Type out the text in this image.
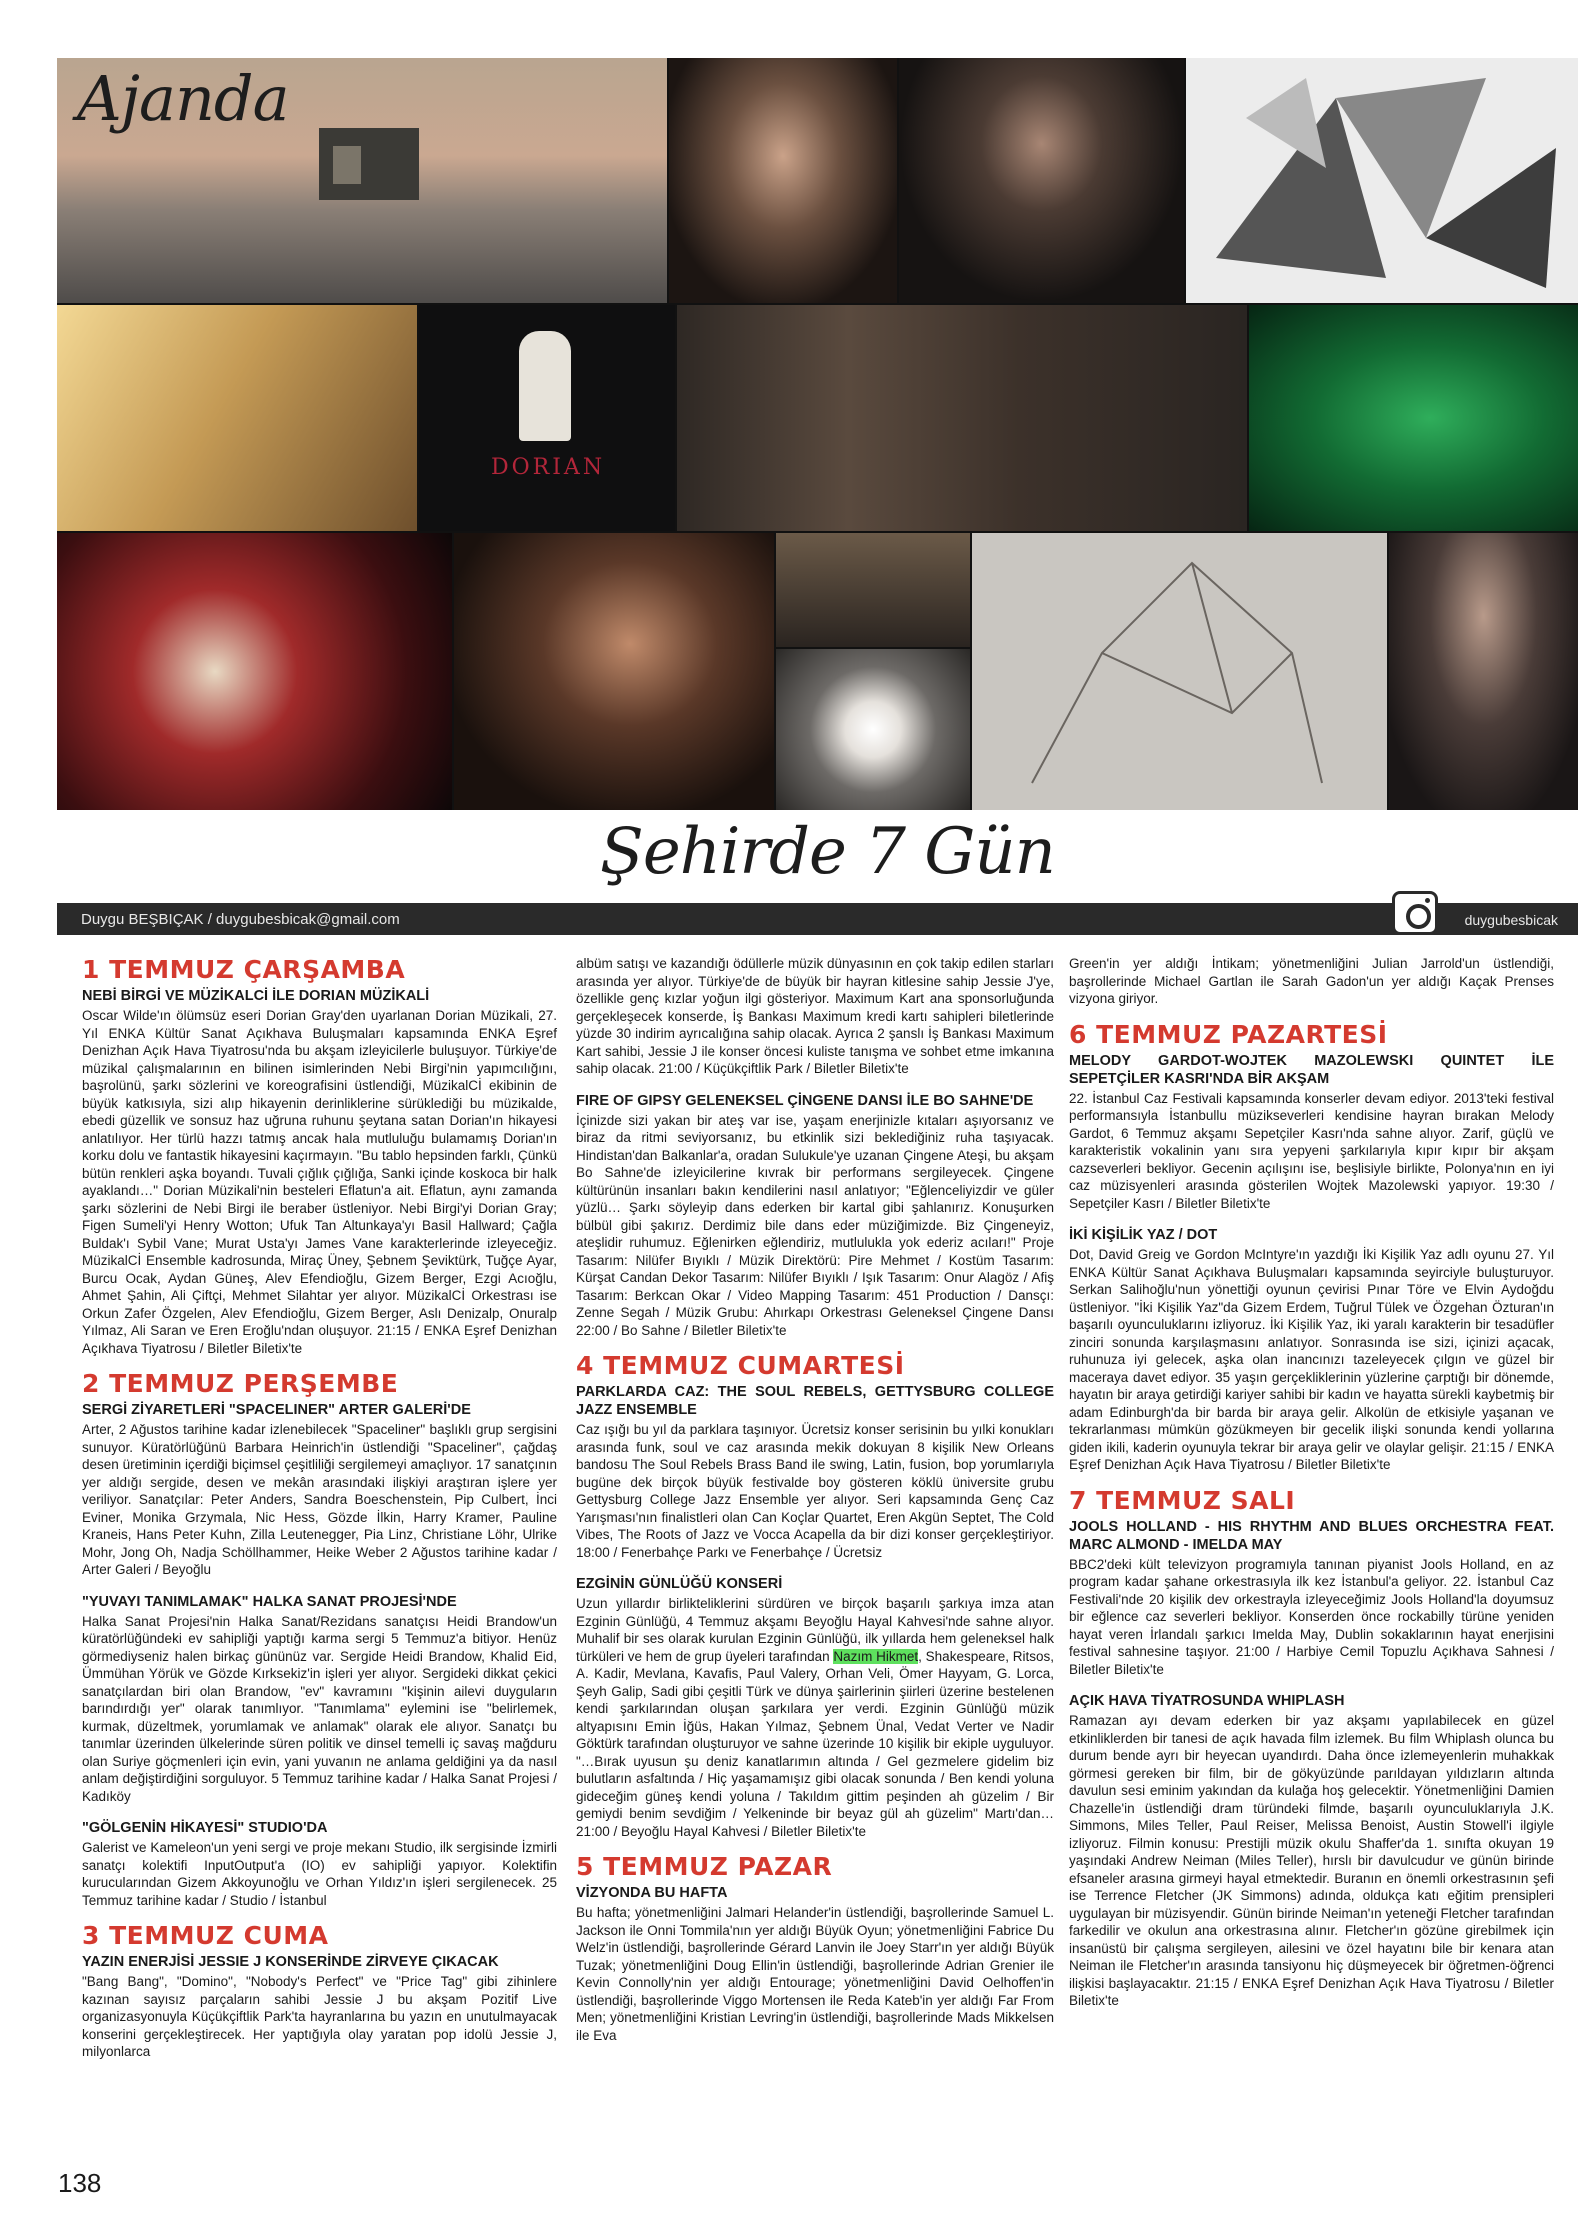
Ajanda
DORIAN
Şehirde 7 Gün
Duygu BEŞBIÇAK / duygubesbicak@gmail.com	duygubesbicak
1 TEMMUZ ÇARŞAMBA
NEBİ BİRGİ VE MÜZİKALCİ İLE DORIAN MÜZİKALİ

Oscar Wilde'ın ölümsüz eseri Dorian Gray'den uyarlanan Dorian Müzikali, 27. Yıl ENKA Kültür Sanat Açıkhava Buluşmaları kapsamında ENKA Eşref Denizhan Açık Hava Tiyatrosu'nda bu akşam izleyicilerle buluşuyor. Türkiye'de müzikal çalışmalarının en bilinen isimlerinden Nebi Birgi'nin yapımcılığını, başrolünü, şarkı sözlerini ve koreografisini üstlendiği, MüzikalCİ ekibinin de büyük katkısıyla, sizi alıp hikayenin derinliklerine sürüklediği bu müzikalde, ebedi güzellik ve sonsuz haz uğruna ruhunu şeytana satan Dorian'ın hikayesi anlatılıyor. Her türlü hazzı tatmış ancak hala mutluluğu bulamamış Dorian'ın korku dolu ve fantastik hikayesini kaçırmayın. "Bu tablo hepsinden farklı, Çünkü bütün renkleri aşka boyandı. Tuvali çığlık çığlığa, Sanki içinde koskoca bir halk ayaklandı…" Dorian Müzikali'nin besteleri Eflatun'a ait. Eflatun, aynı zamanda şarkı sözlerini de Nebi Birgi ile beraber üstleniyor. Nebi Birgi'yi Dorian Gray; Figen Sumeli'yi Henry Wotton; Ufuk Tan Altunkaya'yı Basil Hallward; Çağla Buldak'ı Sybil Vane; Murat Usta'yı James Vane karakterlerinde izleyeceğiz. MüzikalCİ Ensemble kadrosunda, Miraç Üney, Şebnem Şeviktürk, Tuğçe Ayar, Burcu Ocak, Aydan Güneş, Alev Efendioğlu, Gizem Berger, Ezgi Acıoğlu, Ahmet Şahin, Ali Çiftçi, Mehmet Silahtar yer alıyor. MüzikalCİ Orkestrası ise Orkun Zafer Özgelen, Alev Efendioğlu, Gizem Berger, Aslı Denizalp, Onuralp Yılmaz, Ali Saran ve Eren Eroğlu'ndan oluşuyor. 21:15 / ENKA Eşref Denizhan Açıkhava Tiyatrosu / Biletler Biletix'te

2 TEMMUZ PERŞEMBE
SERGİ ZİYARETLERİ "SPACELINER" ARTER GALERİ'DE

Arter, 2 Ağustos tarihine kadar izlenebilecek "Spaceliner" başlıklı grup sergisini sunuyor. Küratörlüğünü Barbara Heinrich'in üstlendiği "Spaceliner", çağdaş desen üretiminin içerdiği biçimsel çeşitliliği sergilemeyi amaçlıyor. 17 sanatçının yer aldığı sergide, desen ve mekân arasındaki ilişkiyi araştıran işlere yer veriliyor. Sanatçılar: Peter Anders, Sandra Boeschenstein, Pip Culbert, İnci Eviner, Monika Grzymala, Nic Hess, Gözde İlkin, Harry Kramer, Pauline Kraneis, Hans Peter Kuhn, Zilla Leutenegger, Pia Linz, Christiane Löhr, Ulrike Mohr, Jong Oh, Nadja Schöllhammer, Heike Weber 2 Ağustos tarihine kadar / Arter Galeri / Beyoğlu

"YUVAYI TANIMLAMAK" HALKA SANAT PROJESİ'NDE

Halka Sanat Projesi'nin Halka Sanat/Rezidans sanatçısı Heidi Brandow'un küratörlüğündeki ev sahipliği yaptığı karma sergi 5 Temmuz'a bitiyor. Henüz görmediyseniz halen birkaç gününüz var. Sergide Heidi Brandow, Khalid Eid, Ümmühan Yörük ve Gözde Kırksekiz'in işleri yer alıyor. Sergideki dikkat çekici sanatçılardan biri olan Brandow, "ev" kavramını "kişinin ailevi duyguların barındırdığı yer" olarak tanımlıyor. "Tanımlama" eylemini ise "belirlemek, kurmak, düzeltmek, yorumlamak ve anlamak" olarak ele alıyor. Sanatçı bu tanımlar üzerinden ülkelerinde süren politik ve dinsel temelli iç savaş mağduru olan Suriye göçmenleri için evin, yani yuvanın ne anlama geldiğini ya da nasıl anlam değiştirdiğini sorguluyor. 5 Temmuz tarihine kadar / Halka Sanat Projesi / Kadıköy

"GÖLGENİN HİKAYESİ" STUDIO'DA

Galerist ve Kameleon'un yeni sergi ve proje mekanı Studio, ilk sergisinde İzmirli sanatçı kolektifi InputOutput'a (IO) ev sahipliği yapıyor. Kolektifin kurucularından Gizem Akkoyunoğlu ve Orhan Yıldız'ın işleri sergilenecek. 25 Temmuz tarihine kadar / Studio / İstanbul

3 TEMMUZ CUMA
YAZIN ENERJİSİ JESSIE J KONSERİNDE ZİRVEYE ÇIKACAK

"Bang Bang", "Domino", "Nobody's Perfect" ve "Price Tag" gibi zihinlere kazınan sayısız parçaların sahibi Jessie J bu akşam Pozitif Live organizasyonuyla Küçükçiftlik Park'ta hayranlarına bu yazın en unutulmayacak konserini gerçekleştirecek. Her yaptığıyla olay yaratan pop idolü Jessie J, milyonlarca

albüm satışı ve kazandığı ödüllerle müzik dünyasının en çok takip edilen starları arasında yer alıyor. Türkiye'de de büyük bir hayran kitlesine sahip Jessie J'ye, özellikle genç kızlar yoğun ilgi gösteriyor. Maximum Kart ana sponsorluğunda gerçekleşecek konserde, İş Bankası Maximum kredi kartı sahipleri biletlerinde yüzde 30 indirim ayrıcalığına sahip olacak. Ayrıca 2 şanslı İş Bankası Maximum Kart sahibi, Jessie J ile konser öncesi kuliste tanışma ve sohbet etme imkanına sahip olacak. 21:00 / Küçükçiftlik Park / Biletler Biletix'te

FIRE OF GIPSY GELENEKSEL ÇİNGENE DANSI İLE BO SAHNE'DE

İçinizde sizi yakan bir ateş var ise, yaşam enerjinizle kıtaları aşıyorsanız ve biraz da ritmi seviyorsanız, bu etkinlik sizi beklediğiniz ruha taşıyacak. Hindistan'dan Balkanlar'a, oradan Sulukule'ye uzanan Çingene Ateşi, bu akşam Bo Sahne'de izleyicilerine kıvrak bir performans sergileyecek. Çingene kültürünün insanları bakın kendilerini nasıl anlatıyor; "Eğlenceliyizdir ve güler yüzlü… Şarkı söyleyip dans ederken bir kartal gibi şahlanırız. Konuşurken bülbül gibi şakırız. Derdimiz bile dans eder müziğimizde. Biz Çingeneyiz, ateşlidir ruhumuz. Eğlenirken eğlendiriz, mutlulukla yok ederiz acıları!" Proje Tasarım: Nilüfer Bıyıklı / Müzik Direktörü: Pire Mehmet / Kostüm Tasarım: Kürşat Candan Dekor Tasarım: Nilüfer Bıyıklı / Işık Tasarım: Onur Alagöz / Afiş Tasarım: Berkcan Okar / Video Mapping Tasarım: 451 Production / Dansçı: Zenne Segah / Müzik Grubu: Ahırkapı Orkestrası Geleneksel Çingene Dansı 22:00 / Bo Sahne / Biletler Biletix'te

4 TEMMUZ CUMARTESİ
PARKLARDA CAZ: THE SOUL REBELS, GETTYSBURG COLLEGE JAZZ ENSEMBLE

Caz ışığı bu yıl da parklara taşınıyor. Ücretsiz konser serisinin bu yılki konukları arasında funk, soul ve caz arasında mekik dokuyan 8 kişilik New Orleans bandosu The Soul Rebels Brass Band ile swing, Latin, fusion, bop yorumlarıyla bugüne dek birçok büyük festivalde boy gösteren köklü üniversite grubu Gettysburg College Jazz Ensemble yer alıyor. Seri kapsamında Genç Caz Yarışması'nın finalistleri olan Can Koçlar Quartet, Eren Akgün Septet, The Cold Vibes, The Roots of Jazz ve Vocca Acapella da bir dizi konser gerçekleştiriyor. 18:00 / Fenerbahçe Parkı ve Fenerbahçe / Ücretsiz

EZGİNİN GÜNLÜĞÜ KONSERİ

Uzun yıllardır birlikteliklerini sürdüren ve birçok başarılı şarkıya imza atan Ezginin Günlüğü, 4 Temmuz akşamı Beyoğlu Hayal Kahvesi'nde sahne alıyor. Muhalif bir ses olarak kurulan Ezginin Günlüğü, ilk yıllarda hem geleneksel halk türküleri ve hem de grup üyeleri tarafından Nazım Hikmet, Shakespeare, Ritsos, A. Kadir, Mevlana, Kavafis, Paul Valery, Orhan Veli, Ömer Hayyam, G. Lorca, Şeyh Galip, Sadi gibi çeşitli Türk ve dünya şairlerinin şiirleri üzerine bestelenen kendi şarkılarından oluşan şarkılara yer verdi. Ezginin Günlüğü müzik altyapısını Emin İğüs, Hakan Yılmaz, Şebnem Ünal, Vedat Verter ve Nadir Göktürk tarafından oluşturuyor ve sahne üzerinde 10 kişilik bir ekiple uyguluyor. "…Bırak uyusun şu deniz kanatlarımın altında / Gel gezmelere gidelim biz bulutların asfaltında / Hiç yaşamamışız gibi olacak sonunda / Ben kendi yoluna gideceğim güneş kendi yoluna / Takıldım gittim peşinden ah güzelim / Bir gemiydi benim sevdiğim / Yelkeninde bir beyaz gül ah güzelim" Martı'dan… 21:00 / Beyoğlu Hayal Kahvesi / Biletler Biletix'te

5 TEMMUZ PAZAR
VİZYONDA BU HAFTA

Bu hafta; yönetmenliğini Jalmari Helander'in üstlendiği, başrollerinde Samuel L. Jackson ile Onni Tommila'nın yer aldığı Büyük Oyun; yönetmenliğini Fabrice Du Welz'in üstlendiği, başrollerinde Gérard Lanvin ile Joey Starr'ın yer aldığı Büyük Tuzak; yönetmenliğini Doug Ellin'in üstlendiği, başrollerinde Adrian Grenier ile Kevin Connolly'nin yer aldığı Entourage; yönetmenliğini David Oelhoffen'in üstlendiği, başrollerinde Viggo Mortensen ile Reda Kateb'in yer aldığı Far From Men; yönetmenliğini Kristian Levring'in üstlendiği, başrollerinde Mads Mikkelsen ile Eva

Green'in yer aldığı İntikam; yönetmenliğini Julian Jarrold'un üstlendiği, başrollerinde Michael Gartlan ile Sarah Gadon'un yer aldığı Kaçak Prenses vizyona giriyor.

6 TEMMUZ PAZARTESİ
MELODY GARDOT-WOJTEK MAZOLEWSKI QUINTET İLE SEPETÇİLER KASRI'NDA BİR AKŞAM

22. İstanbul Caz Festivali kapsamında konserler devam ediyor. 2013'teki festival performansıyla İstanbullu müzikseverleri kendisine hayran bırakan Melody Gardot, 6 Temmuz akşamı Sepetçiler Kasrı'nda sahne alıyor. Zarif, güçlü ve karakteristik vokalinin yanı sıra yepyeni şarkılarıyla kıpır kıpır bir akşam cazseverleri bekliyor. Gecenin açılışını ise, beşlisiyle birlikte, Polonya'nın en iyi caz müzisyenleri arasında gösterilen Wojtek Mazolewski yapıyor. 19:30 / Sepetçiler Kasrı / Biletler Biletix'te

İKİ KİŞİLİK YAZ / DOT

Dot, David Greig ve Gordon McIntyre'ın yazdığı İki Kişilik Yaz adlı oyunu 27. Yıl ENKA Kültür Sanat Açıkhava Buluşmaları kapsamında seyirciyle buluşturuyor. Serkan Salihoğlu'nun yönettiği oyunun çevirisi Pınar Töre ve Elvin Aydoğdu üstleniyor. "İki Kişilik Yaz"da Gizem Erdem, Tuğrul Tülek ve Özgehan Özturan'ın başarılı oyunculuklarını izliyoruz. İki Kişilik Yaz, iki yaralı karakterin bir tesadüfler zinciri sonunda karşılaşmasını anlatıyor. Sonrasında ise sizi, içinizi açacak, ruhunuza iyi gelecek, aşka olan inancınızı tazeleyecek çılgın ve güzel bir maceraya davet ediyor. 35 yaşın gerçekliklerinin yüzlerine çarptığı bir dönemde, hayatın bir araya getirdiği kariyer sahibi bir kadın ve hayatta sürekli kaybetmiş bir adam Edinburgh'da bir barda bir araya gelir. Alkolün de etkisiyle yaşanan ve tekrarlanması mümkün gözükmeyen bir gecelik ilişki sonunda kendi yollarına giden ikili, kaderin oyunuyla tekrar bir araya gelir ve olaylar gelişir. 21:15 / ENKA Eşref Denizhan Açık Hava Tiyatrosu / Biletler Biletix'te

7 TEMMUZ SALI
JOOLS HOLLAND - HIS RHYTHM AND BLUES ORCHESTRA FEAT. MARC ALMOND - IMELDA MAY

BBC2'deki kült televizyon programıyla tanınan piyanist Jools Holland, en az program kadar şahane orkestrasıyla ilk kez İstanbul'a geliyor. 22. İstanbul Caz Festivali'nde 20 kişilik dev orkestrayla izleyeceğimiz Jools Holland'la doyumsuz bir eğlence caz severleri bekliyor. Konserden önce rockabilly türüne yeniden hayat veren İrlandalı şarkıcı Imelda May, Dublin sokaklarının hayat enerjisini festival sahnesine taşıyor. 21:00 / Harbiye Cemil Topuzlu Açıkhava Sahnesi / Biletler Biletix'te

AÇIK HAVA TİYATROSUNDA WHIPLASH

Ramazan ayı devam ederken bir yaz akşamı yapılabilecek en güzel etkinliklerden bir tanesi de açık havada film izlemek. Bu film Whiplash olunca bu durum bende ayrı bir heyecan uyandırdı. Daha önce izlemeyenlerin muhakkak görmesi gereken bir film, bir de gökyüzünde parıldayan yıldızların altında davulun sesi eminim yakından da kulağa hoş gelecektir. Yönetmenliğini Damien Chazelle'in üstlendiği dram türündeki filmde, başarılı oyunculuklarıyla J.K. Simmons, Miles Teller, Paul Reiser, Melissa Benoist, Austin Stowell'i ilgiyle izliyoruz. Filmin konusu: Prestijli müzik okulu Shaffer'da 1. sınıfta okuyan 19 yaşındaki Andrew Neiman (Miles Teller), hırslı bir davulcudur ve günün birinde efsaneler arasına girmeyi hayal etmektedir. Buranın en önemli orkestrasının şefi ise Terrence Fletcher (JK Simmons) adında, oldukça katı eğitim prensipleri uygulayan bir müzisyendir. Günün birinde Neiman'ın yeteneği Fletcher tarafından farkedilir ve okulun ana orkestrasına alınır. Fletcher'ın gözüne girebilmek için insanüstü bir çalışma sergileyen, ailesini ve özel hayatını bile bir kenara atan Neiman ile Fletcher'ın arasında tansiyonu hiç düşmeyecek bir öğretmen-öğrenci ilişkisi başlayacaktır. 21:15 / ENKA Eşref Denizhan Açık Hava Tiyatrosu / Biletler Biletix'te

138
